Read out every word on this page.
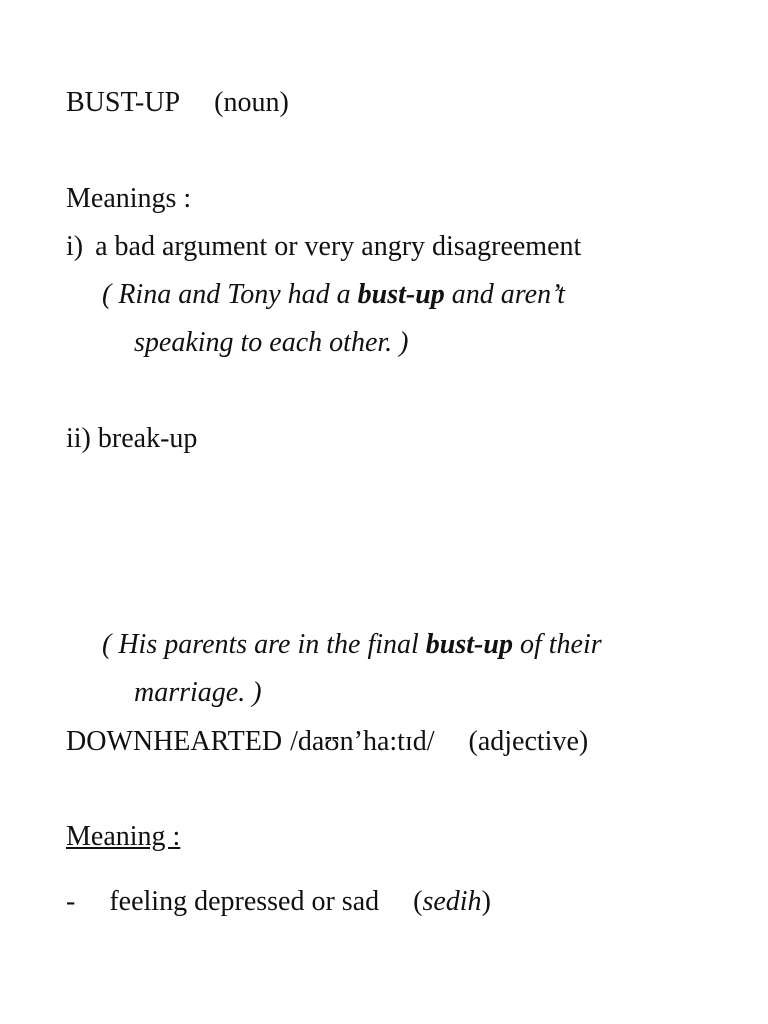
BUST-UP (noun)

Meanings :

i) a bad argument or very angry disagreement

( Rina and Tony had a bust-up and aren’t

speaking to each other. )

ii) break-up

( His parents are in the final bust-up of their

marriage. )

DOWNHEARTED /daʊn’ha:tɪd/ (adjective)

Meaning :

- feeling depressed or sad (sedih)
